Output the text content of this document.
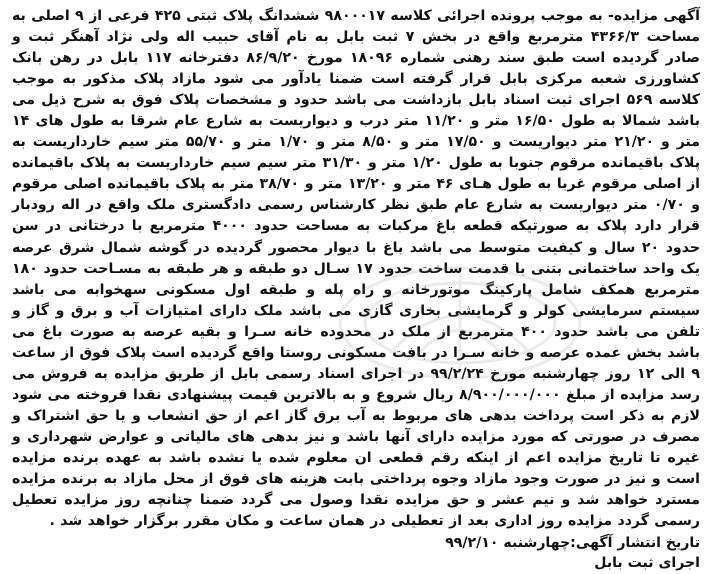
آگهی مزایده- به موجب پرونده اجرائی کلاسه ۹۸۰۰۰۱۷ ششدانگ پلاک ثبتی ۴۲۵ فرعی از ۹ اصلی به مساحت ۴۳۶۶/۳ مترمربع واقع در بخش ۷ ثبت بابل به نام آقای حبیب اله ولی نژاد آهنگر ثبت و صادر گردیده است طبق سند رهنی شماره ۱۸۰۹۶ مورخ ۸۶/۹/۲۰ دفترخانه ۱۱۷ بابل در رهن بانک کشاورزی شعبه مرکزی بابل قرار گرفته است ضمنا یادآور می شود مازاد پلاک مذکور به موجب کلاسه ۵۶۹ اجرای ثبت اسناد بابل بازداشت می باشد حدود و مشخصات پلاک فوق به شرح ذیل می باشد شمالا به طول ۱۶/۵۰ متر و ۱۱/۲۰ متر درب و دیواریست به شارع عام شرقا به طول های ۱۴ متر و ۲۱/۲۰ متر دیواریست و ۱۷/۵۰ متر و ۸/۵۰ متر و ۱/۷۰ متر و ۵۵/۷۰ متر سیم خارداریست به پلاک باقیمانده مرقوم جنوبا به طول ۱/۲۰ متر و ۳۱/۳۰ متر سیم سیم خارداریست به پلاک باقیمانده از اصلی مرقوم غربا به طول هـای ۴۶ متر و ۱۳/۲۰ متر و ۳۸/۷۰ متر به پلاک باقیمانده اصلی مرقوم و ۰/۷۰ متر دیواریست به شارع عام طبق نظر کارشناس رسمی دادگستری ملک واقع در اله رودبار قرار دارد پلاک به صورتیکه قطعه باغ مرکبات به مساحت حدود ۴۰۰۰ مترمربع با درختانی در سن حدود ۲۰ سال و کیفیت متوسط می باشد باغ با دیوار محصور گردیده در گوشه شمال شرق عرصه یک واحد ساختمانی بتنی با قدمت ساخت حدود ۱۷ سـال دو طبقه و هر طبقه به مسـاحت حدود ۱۸۰ مترمربع همکف شامل پارکینگ موتورخانه و راه پله و طبقه اول مسکونی سهخوابه می باشد سیستم سرمایشی کولر و گرمایشی بخاری گازی می باشد ملک دارای امتیازات آب و برق و گاز و تلفن می باشد حدود ۴۰۰ مترمربع از ملک در محدوده خانه سـرا و بقیه عرصه به صورت باغ می باشد بخش عمده عرصه و خانه سـرا در بافت مسکونی روستا واقع گردیده است پلاک فوق از ساعت ۹ الی ۱۲ روز چهارشنبه مورخ ۹۹/۲/۲۴ در اجرای اسناد رسمی بابل از طریق مزایده به فروش می رسد مزایده از مبلغ ۸/۹۰۰/۰۰۰/۰۰۰ ریال شروع و به بالاترین قیمت پیشنهادی نقدا فروخته می شود لازم به ذکر است پرداخت بدهی های مربوط به آب برق گاز اعم از حق انشعاب و یا حق اشتراک و مصرف در صورتی که مورد مزایده دارای آنها باشد و نیز بدهی های مالیاتی و عوارض شهرداری و غیره تا تاریخ مزایده اعم از اینکه رقم قطعی ان معلوم شده یا نشده باشد به عهده برنده مزایده است و نیز در صورت وجود مازاد وجوه پرداختی بابت هزینه های فوق از محل مازاد به برنده مزایده مسترد خواهد شد و نیم عشر و حق مزایده نقدا وصول می گردد ضمنا چنانچه روز مزایده تعطیل رسمی گردد مزایده روز اداری بعد از تعطیلی در همان ساعت و مکان مقرر برگزار خواهد شد .

تاریخ انتشار آگهی:چهارشنبه ۹۹/۲/۱۰

اجرای ثبت بابل
